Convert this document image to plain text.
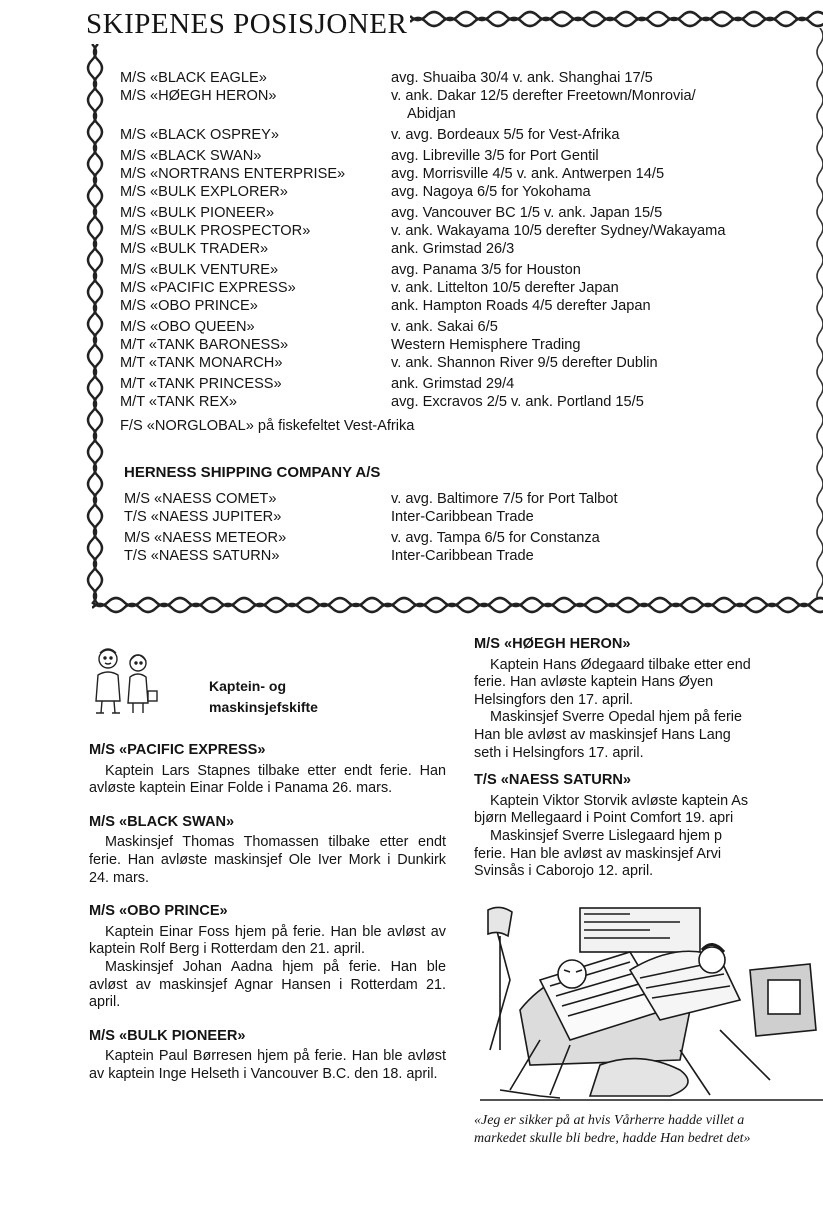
SKIPENES POSISJONER
M/S «BLACK EAGLE»	avg. Shuaiba 30/4 v. ank. Shanghai 17/5
M/S «HØEGH HERON»	v. ank. Dakar 12/5 derefter Freetown/Monrovia/
Abidjan
M/S «BLACK OSPREY»	v. avg. Bordeaux 5/5 for Vest-Afrika
M/S «BLACK SWAN»	avg. Libreville 3/5 for Port Gentil
M/S «NORTRANS ENTERPRISE»	avg. Morrisville 4/5 v. ank. Antwerpen 14/5
M/S «BULK EXPLORER»	avg. Nagoya 6/5 for Yokohama
M/S «BULK PIONEER»	avg. Vancouver BC 1/5 v. ank. Japan 15/5
M/S «BULK PROSPECTOR»	v. ank. Wakayama 10/5 derefter Sydney/Wakayama
M/S «BULK TRADER»	ank. Grimstad 26/3
M/S «BULK VENTURE»	avg. Panama 3/5 for Houston
M/S «PACIFIC EXPRESS»	v. ank. Littelton 10/5 derefter Japan
M/S «OBO PRINCE»	ank. Hampton Roads 4/5 derefter Japan
M/S «OBO QUEEN»	v. ank. Sakai 6/5
M/T «TANK BARONESS»	Western Hemisphere Trading
M/T «TANK MONARCH»	v. ank. Shannon River 9/5 derefter Dublin
M/T «TANK PRINCESS»	ank. Grimstad 29/4
M/T «TANK REX»	avg. Excravos 2/5 v. ank. Portland 15/5
F/S «NORGLOBAL» på fiskefeltet Vest-Afrika
HERNESS SHIPPING COMPANY A/S
M/S «NAESS COMET»	v. avg. Baltimore 7/5 for Port Talbot
T/S «NAESS JUPITER»	Inter-Caribbean Trade
M/S «NAESS METEOR»	v. avg. Tampa 6/5 for Constanza
T/S «NAESS SATURN»	Inter-Caribbean Trade
Kaptein- og
maskinsjefskifte
M/S «PACIFIC EXPRESS»

Kaptein Lars Stapnes tilbake etter endt ferie. Han avløste kaptein Einar Folde i Panama 26. mars.

M/S «BLACK SWAN»

Maskinsjef Thomas Thomassen tilbake etter endt ferie. Han avløste maskinsjef Ole Iver Mork i Dunkirk 24. mars.

M/S «OBO PRINCE»

Kaptein Einar Foss hjem på ferie. Han ble avløst av kaptein Rolf Berg i Rotterdam den 21. april.

Maskinsjef Johan Aadna hjem på ferie. Han ble avløst av maskinsjef Agnar Hansen i Rotterdam 21. april.

M/S «BULK PIONEER»

Kaptein Paul Børresen hjem på ferie. Han ble avløst av kaptein Inge Helseth i Vancouver B.C. den 18. april.

M/S «HØEGH HERON»

Kaptein Hans Ødegaard tilbake etter end

ferie. Han avløste kaptein Hans Øyen

Helsingfors den 17. april.

Maskinsjef Sverre Opedal hjem på ferie

Han ble avløst av maskinsjef Hans Lang

seth i Helsingfors 17. april.

T/S «NAESS SATURN»

Kaptein Viktor Storvik avløste kaptein As

bjørn Mellegaard i Point Comfort 19. apri

Maskinsjef Sverre Lislegaard hjem p

ferie. Han ble avløst av maskinsjef Arvi

Svinsås i Caborojo 12. april.

«Jeg er sikker på at hvis Vårherre hadde villet a
markedet skulle bli bedre, hadde Han bedret det»
